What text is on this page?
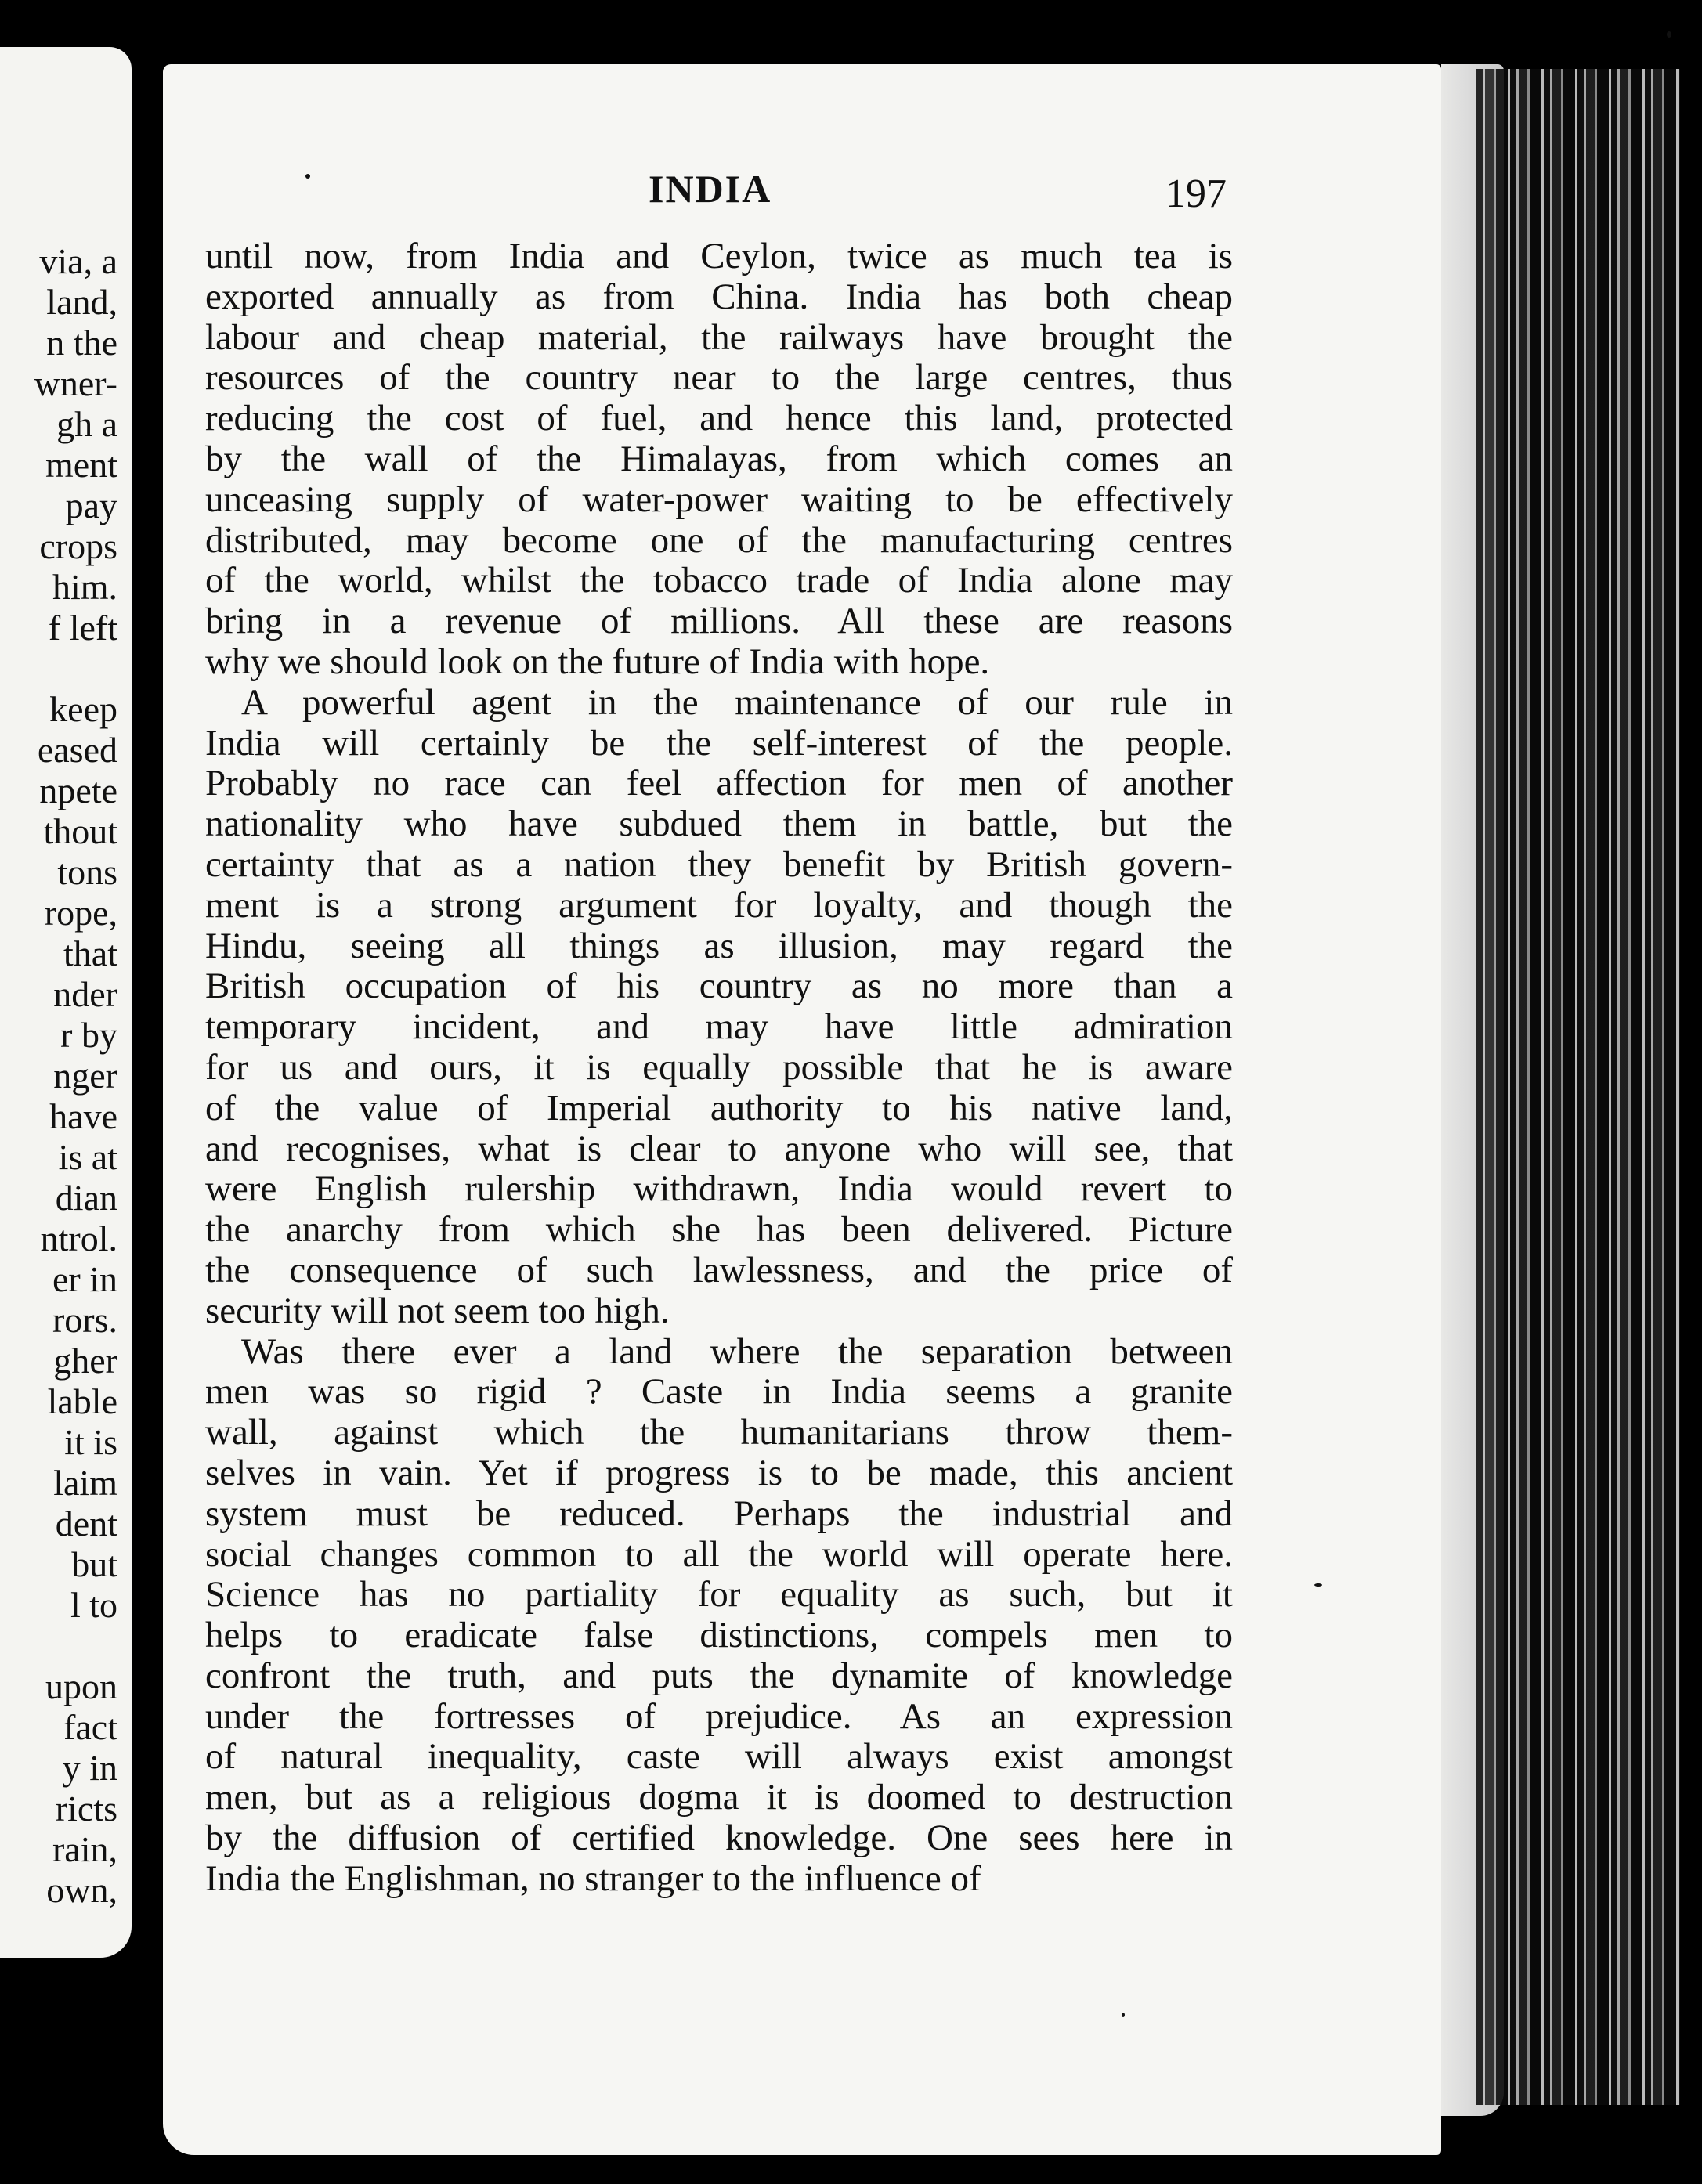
via, a
land,
n the
wner-
gh a
ment
pay
crops
him.
f left
keep
eased
npete
thout
tons
rope,
that
nder
r by
nger
have
is at
dian
ntrol.
er in
rors.
gher
lable
it is
laim
dent
but
l to
upon
fact
y in
ricts
rain,
own,
INDIA	197
until now, from India and Ceylon, twice as much tea is
exported annually as from China. India has both cheap
labour and cheap material, the railways have brought the
resources of the country near to the large centres, thus
reducing the cost of fuel, and hence this land, protected
by the wall of the Himalayas, from which comes an
unceasing supply of water-power waiting to be effectively
distributed, may become one of the manufacturing centres
of the world, whilst the tobacco trade of India alone may
bring in a revenue of millions. All these are reasons
why we should look on the future of India with hope.
A powerful agent in the maintenance of our rule in
India will certainly be the self-interest of the people.
Probably no race can feel affection for men of another
nationality who have subdued them in battle, but the
certainty that as a nation they benefit by British govern-
ment is a strong argument for loyalty, and though the
Hindu, seeing all things as illusion, may regard the
British occupation of his country as no more than a
temporary incident, and may have little admiration
for us and ours, it is equally possible that he is aware
of the value of Imperial authority to his native land,
and recognises, what is clear to anyone who will see, that
were English rulership withdrawn, India would revert to
the anarchy from which she has been delivered. Picture
the consequence of such lawlessness, and the price of
security will not seem too high.
Was there ever a land where the separation between
men was so rigid ? Caste in India seems a granite
wall, against which the humanitarians throw them-
selves in vain. Yet if progress is to be made, this ancient
system must be reduced. Perhaps the industrial and
social changes common to all the world will operate here.
Science has no partiality for equality as such, but it
helps to eradicate false distinctions, compels men to
confront the truth, and puts the dynamite of knowledge
under the fortresses of prejudice. As an expression
of natural inequality, caste will always exist amongst
men, but as a religious dogma it is doomed to destruction
by the diffusion of certified knowledge. One sees here in
India the Englishman, no stranger to the influence of
